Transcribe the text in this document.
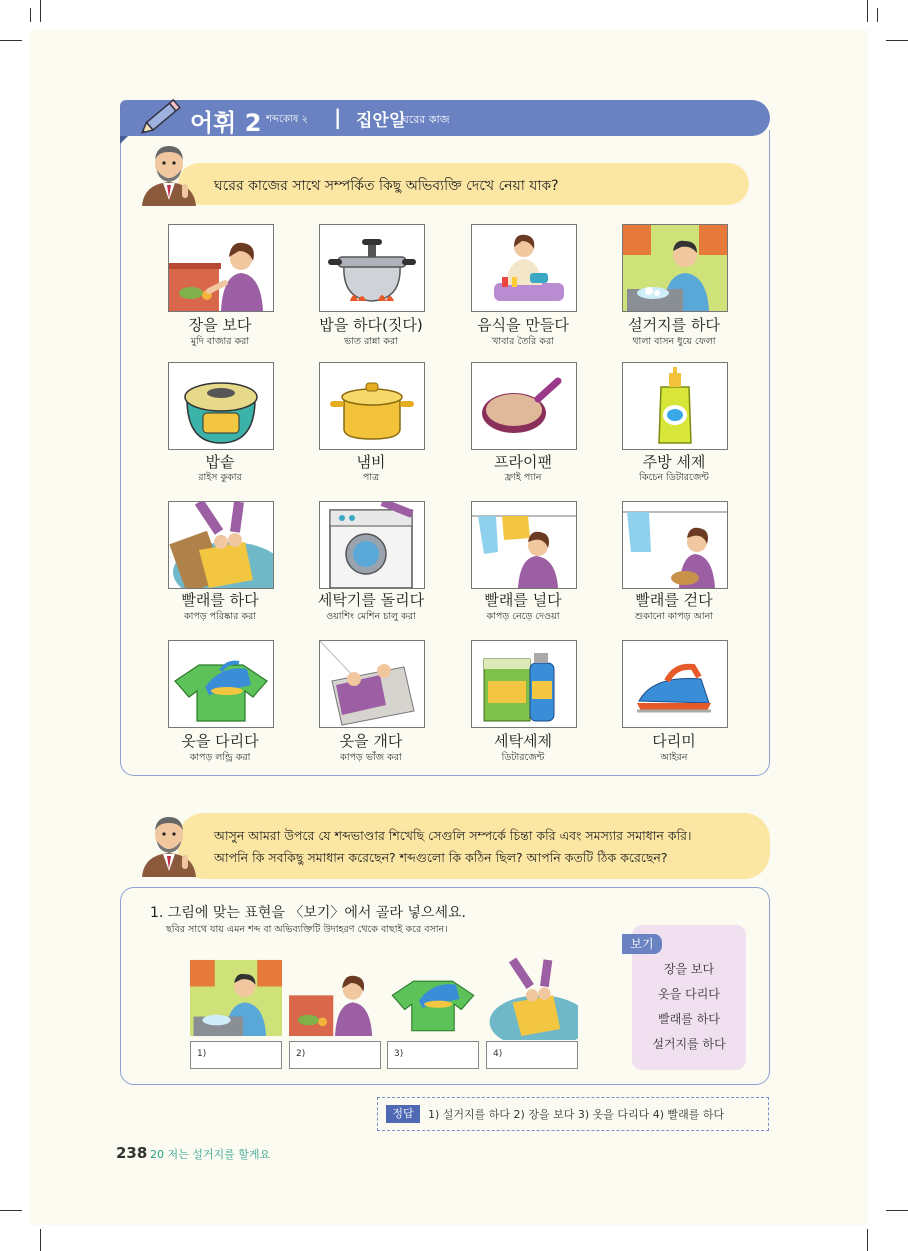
어휘 2 শব্দকোষ ২ | 집안일
ঘরের কাজ
ঘরের কাজের সাথে সম্পর্কিত কিছু অভিব্যক্তি দেখে নেয়া যাক?
장을 보다
মুদি বাজার করা
밥을 하다(짓다)
ভাত রান্না করা
음식을 만들다
খাবার তৈরি করা
설거지를 하다
থালা বাসন ধুয়ে ফেলা
밥솥
রাইস কুকার
냄비
পাত্র
프라이팬
ফ্রাই প্যান
주방 세제
কিচেন ডিটারজেন্ট
빨래를 하다
কাপড় পরিষ্কার করা
세탁기를 돌리다
ওয়াশিং মেশিন চালু করা
빨래를 널다
কাপড় নেড়ে দেওয়া
빨래를 걷다
শুকানো কাপড় আনা
옷을 다리다
কাপড় লন্ড্রি করা
옷을 개다
কাপড় ভাঁজ করা
세탁세제
ডিটারজেন্ট
다리미
আইরন
আসুন আমরা উপরে যে শব্দভাণ্ডার শিখেছি সেগুলি সম্পর্কে চিন্তা করি এবং সমস্যার সমাধান করি।
আপনি কি সবকিছু সমাধান করেছেন? শব্দগুলো কি কঠিন ছিল? আপনি কতটি ঠিক করেছেন?
1. 그림에 맞는 표현을 〈보기〉에서 골라 넣으세요.
ছবির সাথে যায় এমন শব্দ বা অভিব্যক্তিটি উদাহরণ থেকে বাছাই করে বসান।
1)	2)	3)	4)
보기
장을 보다
옷을 다리다
빨래를 하다
설거지를 하다
정답	1) 설거지를 하다 2) 장을 보다 3) 옷을 다리다 4) 빨래를 하다
238 20 저는 설거지를 할게요
